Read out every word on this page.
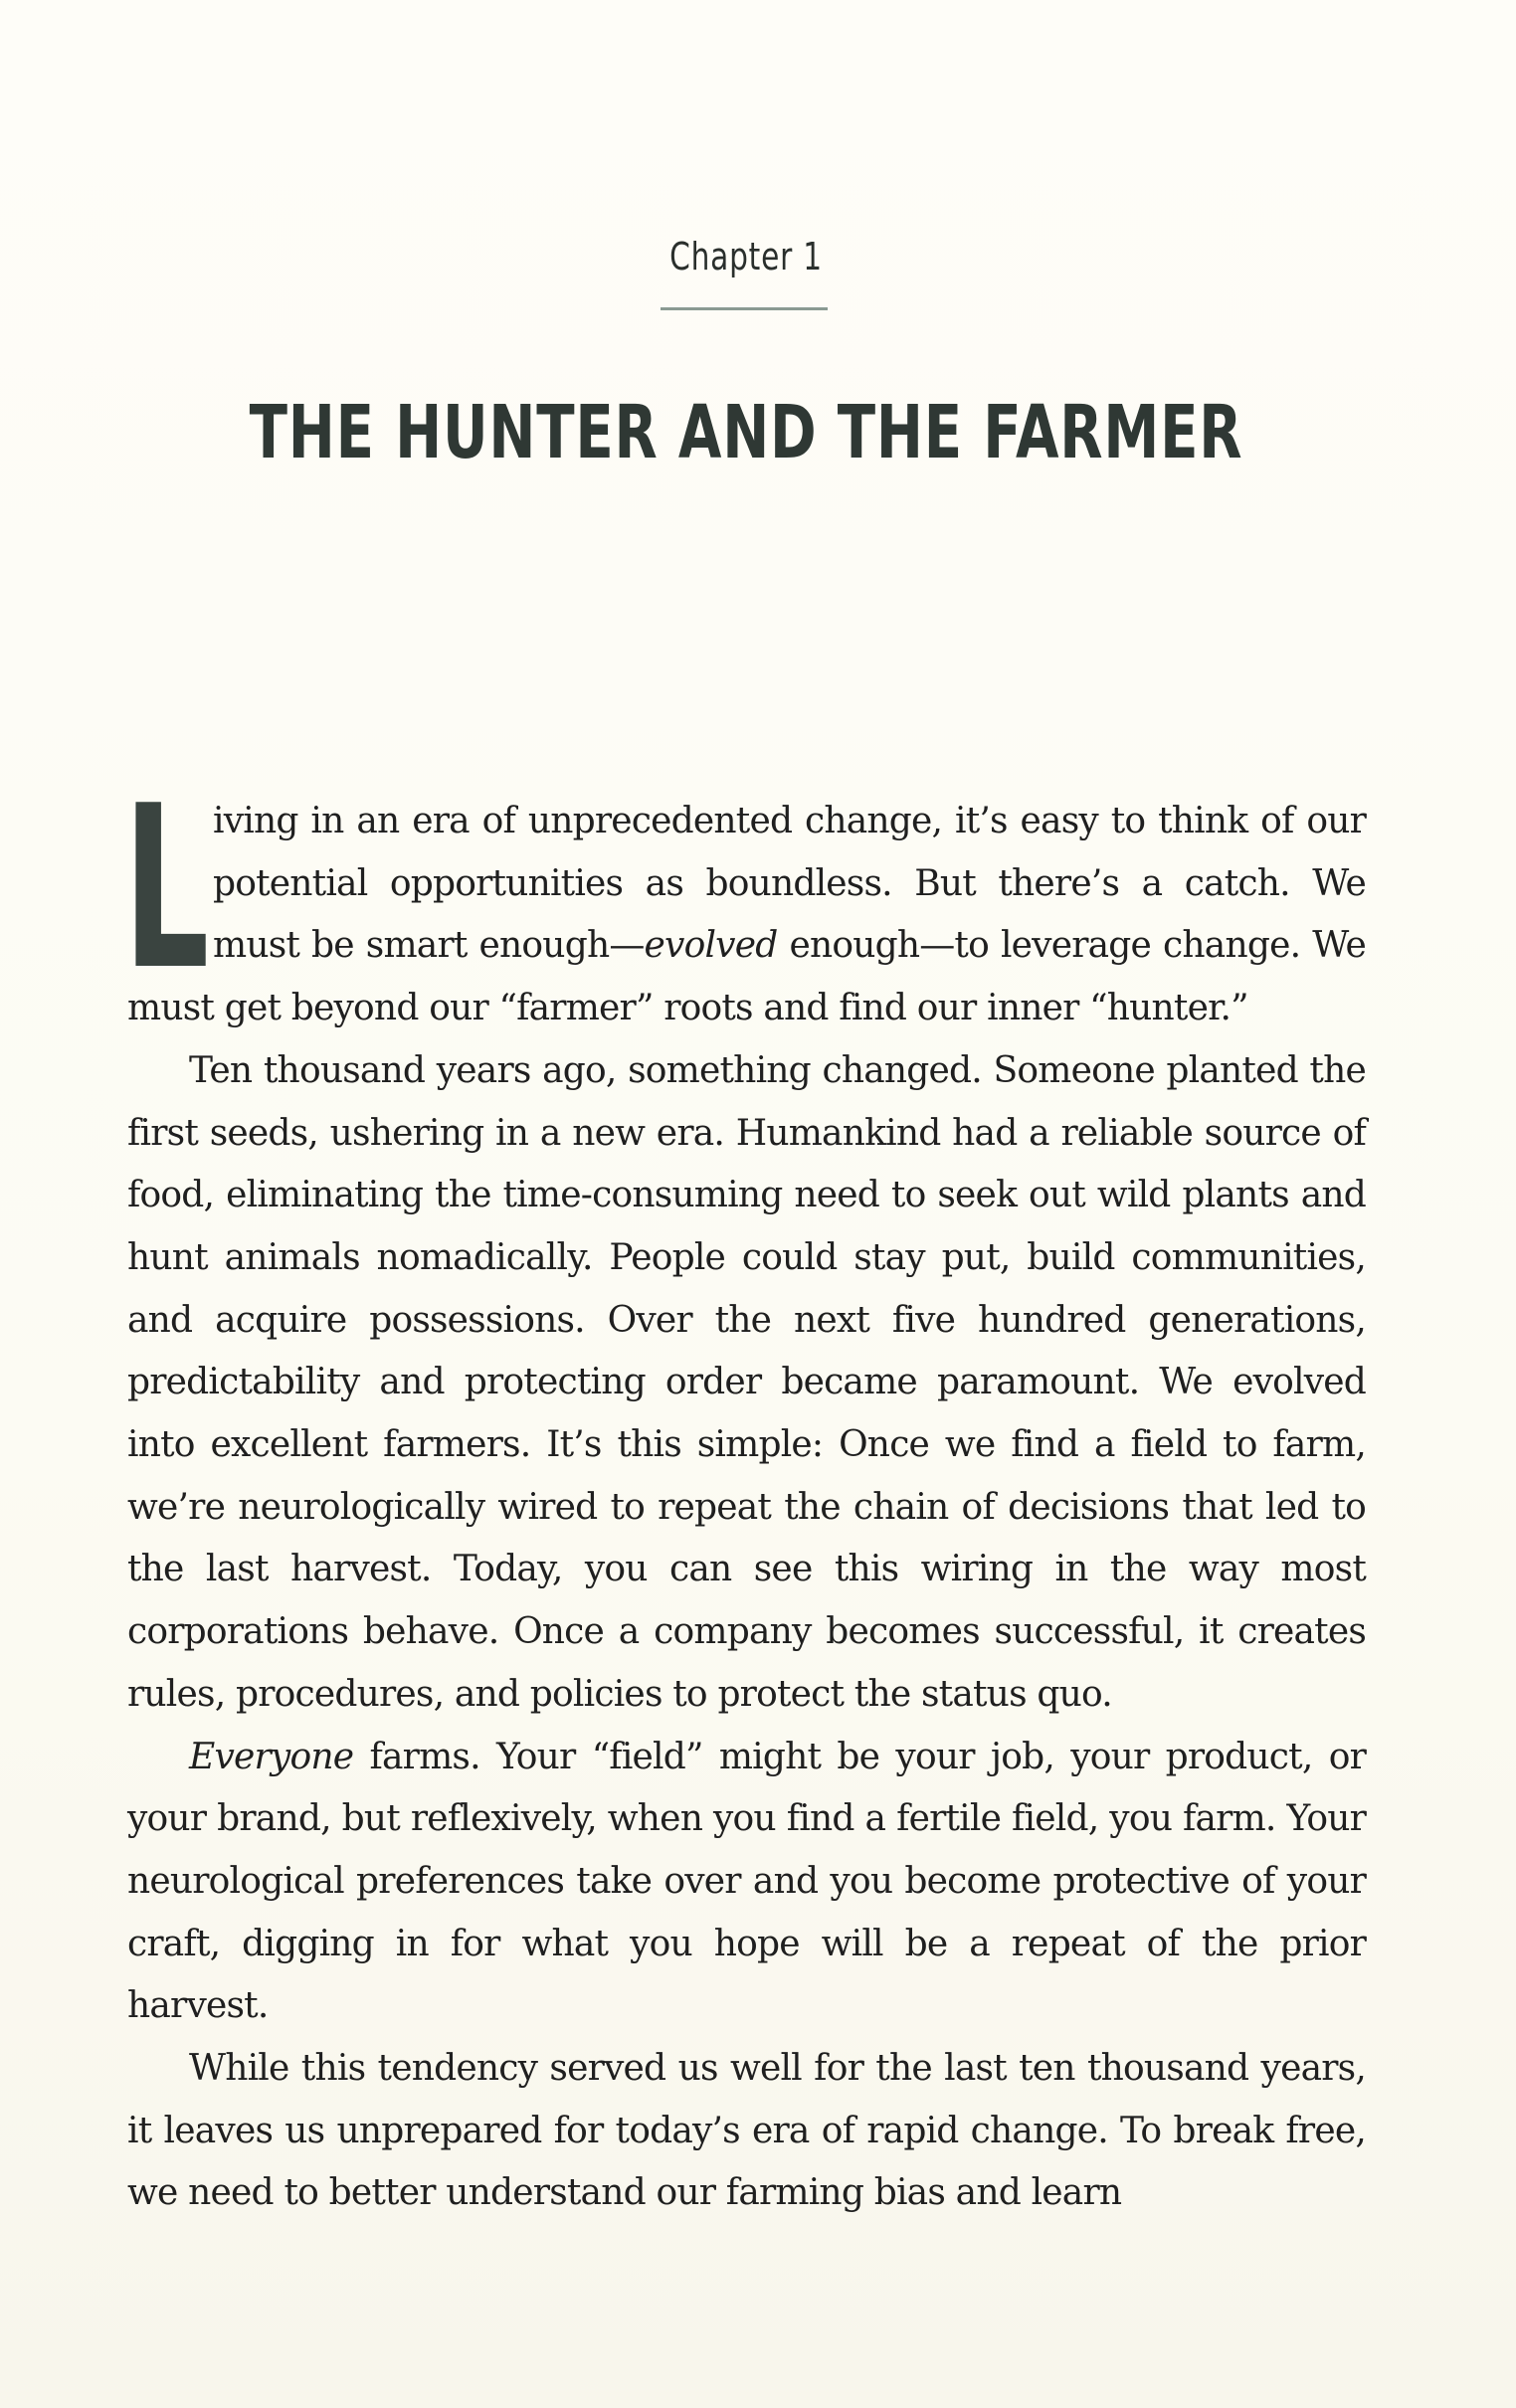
Chapter 1
THE HUNTER AND THE FARMER

Living in an era of unprecedented change, it’s easy to think of our potential opportunities as boundless. But there’s a catch. We must be smart enough—evolved enough—to leverage change. We must get beyond our “farmer” roots and find our inner “hunter.”

Ten thousand years ago, something changed. Someone planted the first seeds, ushering in a new era. Humankind had a reliable source of food, eliminating the time-consuming need to seek out wild plants and hunt animals nomadically. People could stay put, build communities, and acquire possessions. Over the next five hundred generations, predictability and protecting order became paramount. We evolved into excellent farmers. It’s this simple: Once we find a field to farm, we’re neurologically wired to repeat the chain of decisions that led to the last harvest. Today, you can see this wiring in the way most corporations behave. Once a company becomes successful, it creates rules, procedures, and policies to protect the status quo.

Everyone farms. Your “field” might be your job, your product, or your brand, but reflexively, when you find a fertile field, you farm. Your neurological preferences take over and you become protective of your craft, digging in for what you hope will be a repeat of the prior harvest.

While this tendency served us well for the last ten thousand years, it leaves us unprepared for today’s era of rapid change. To break free, we need to better understand our farming bias and learn
